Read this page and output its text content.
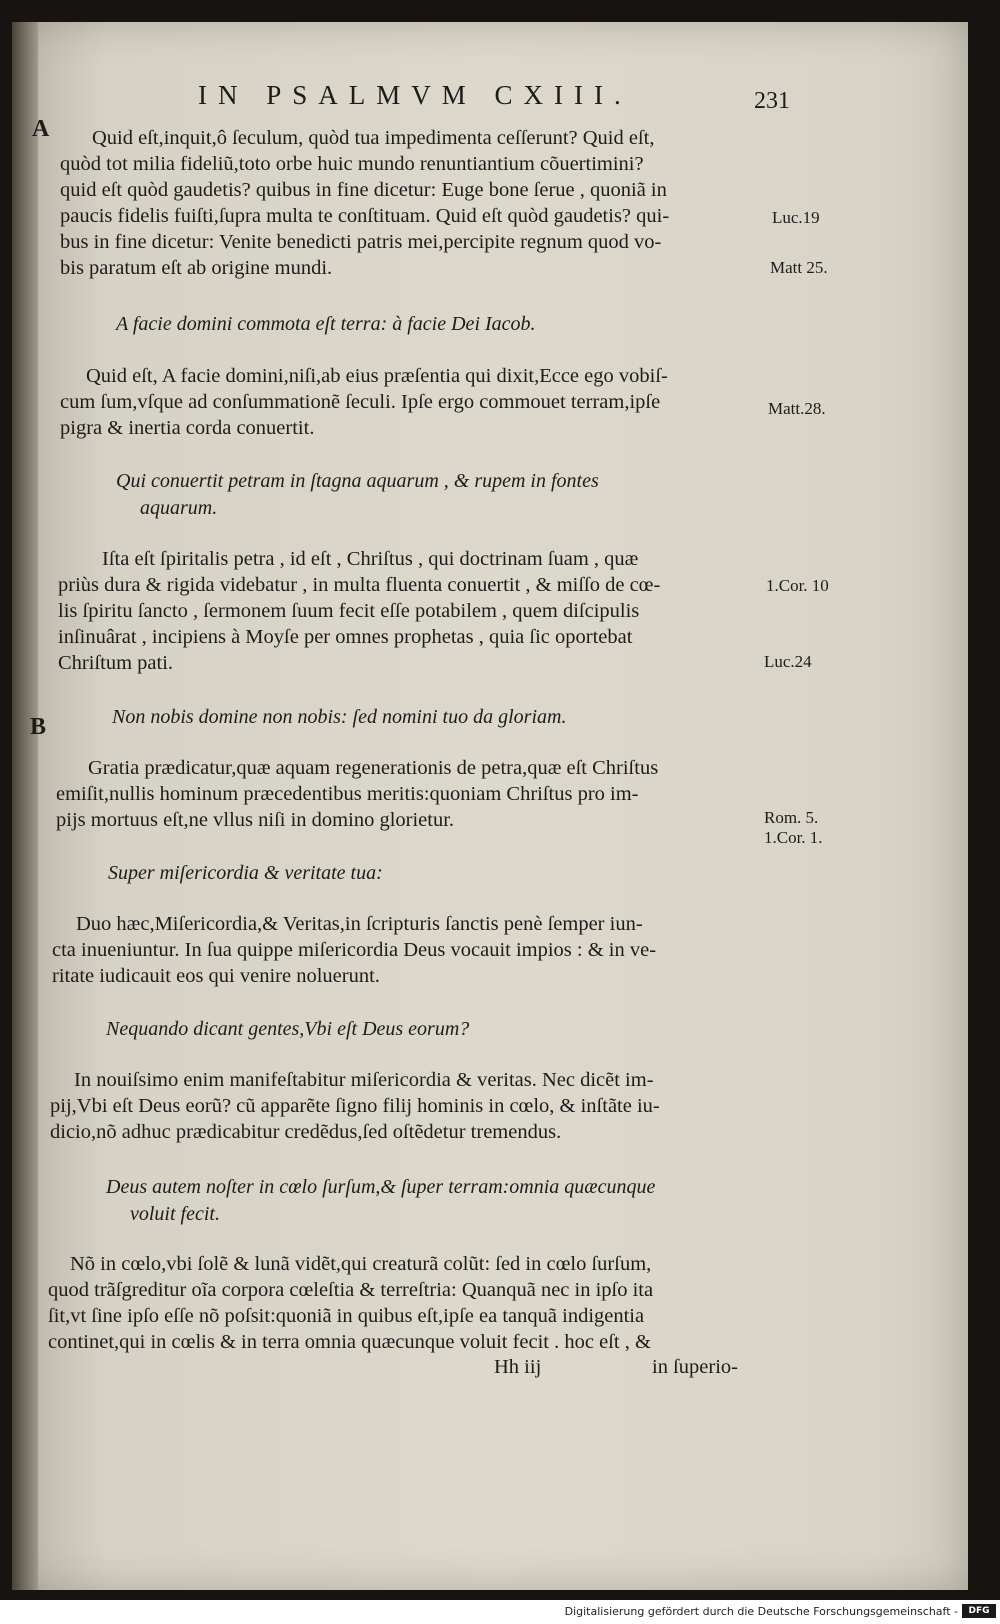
IN PSALMVM CXIII.	231
A
B
Quid eſt,inquit,ô ſeculum, quòd tua impedimenta ceſſerunt? Quid eſt,
quòd tot milia fideliũ,toto orbe huic mundo renuntiantium cõuertimini?
quid eſt quòd gaudetis? quibus in fine dicetur: Euge bone ſerue , quoniã in
paucis fidelis fuiſti,ſupra multa te conſtituam. Quid eſt quòd gaudetis? qui-
bus in fine dicetur: Venite benedicti patris mei,percipite regnum quod vo-
bis paratum eſt ab origine mundi.
A facie domini commota eſt terra: à facie Dei Iacob.
Quid eſt, A facie domini,niſi,ab eius præſentia qui dixit,Ecce ego vobiſ-
cum ſum,vſque ad conſummationẽ ſeculi. Ipſe ergo commouet terram,ipſe
pigra & inertia corda conuertit.
Qui conuertit petram in ſtagna aquarum , & rupem in fontes
aquarum.
Iſta eſt ſpiritalis petra , id eſt , Chriſtus , qui doctrinam ſuam , quæ
priùs dura & rigida videbatur , in multa fluenta conuertit , & miſſo de cœ-
lis ſpiritu ſancto , ſermonem ſuum fecit eſſe potabilem , quem diſcipulis
inſinuârat , incipiens à Moyſe per omnes prophetas , quia ſic oportebat
Chriſtum pati.
Non nobis domine non nobis: ſed nomini tuo da gloriam.
Gratia prædicatur,quæ aquam regenerationis de petra,quæ eſt Chriſtus
emiſit,nullis hominum præcedentibus meritis:quoniam Chriſtus pro im-
pijs mortuus eſt,ne vllus niſi in domino glorietur.
Super miſericordia & veritate tua:
Duo hæc,Miſericordia,& Veritas,in ſcripturis ſanctis penè ſemper iun-
cta inueniuntur. In ſua quippe miſericordia Deus vocauit impios : & in ve-
ritate iudicauit eos qui venire noluerunt.
Nequando dicant gentes,Vbi eſt Deus eorum?
In nouiſsimo enim manifeſtabitur miſericordia & veritas. Nec dicẽt im-
pij,Vbi eſt Deus eorũ? cũ apparẽte ſigno filij hominis in cœlo, & inſtãte iu-
dicio,nõ adhuc prædicabitur credẽdus,ſed oſtẽdetur tremendus.
Deus autem noſter in cœlo ſurſum,& ſuper terram:omnia quæcunque
voluit fecit.
Nõ in cœlo,vbi ſolẽ & lunã vidẽt,qui creaturã colũt: ſed in cœlo ſurſum,
quod trãſgreditur oĩa corpora cœleſtia & terreſtria: Quanquã nec in ipſo ita
ſit,vt ſine ipſo eſſe nõ poſsit:quoniã in quibus eſt,ipſe ea tanquã indigentia
continet,qui in cœlis & in terra omnia quæcunque voluit fecit . hoc eſt , &
Hh iij	in ſuperio-
Luc.19
Matt 25.
Matt.28.
1.Cor. 10
Luc.24
Rom. 5.
1.Cor. 1.
Digitalisierung gefördert durch die Deutsche Forschungsgemeinschaft -	DFG
